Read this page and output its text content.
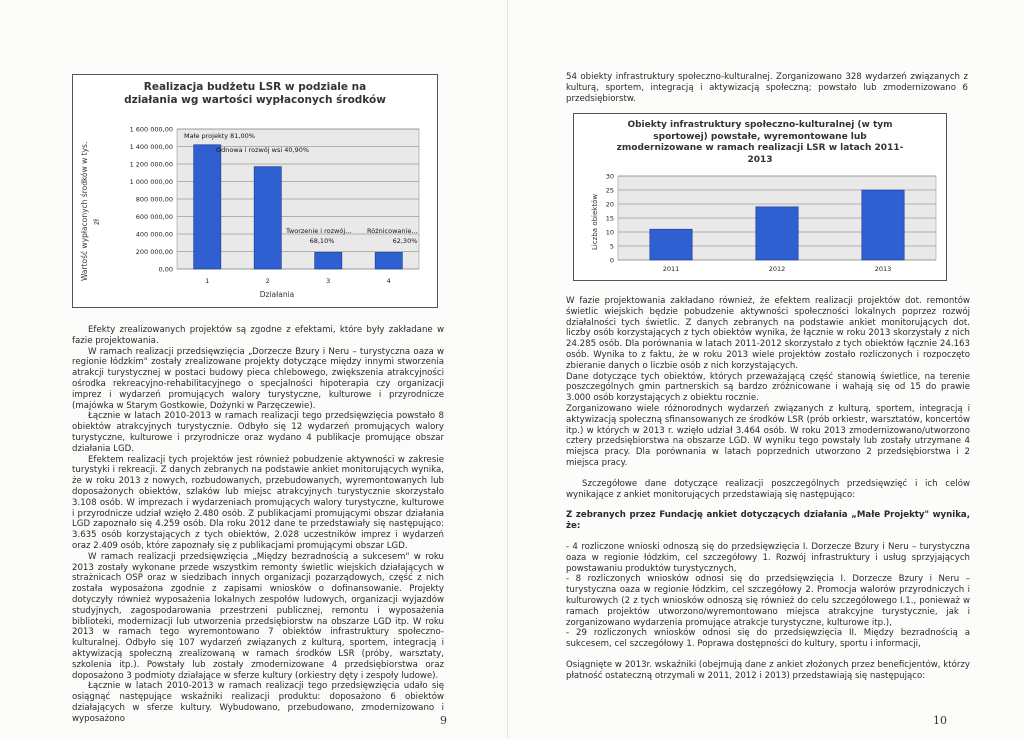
Realizacja budżetu LSR w podziale na działania wg wartości wypłaconych środków
Wartość wypłaconych środków w tys. zł
Działania
1 600 000,00
1 400 000,00
1 200 000,00
1 000 000,00
800 000,00
600 000,00
400 000,00
200 000,00
0,00
1	2	3	4
Małe projekty 81,00%
Odnowa i rozwój wsi 40,90%
Tworzenie i rozwój...
68,10%
Różnicowanie...
62,30%

Efekty zrealizowanych projektów są zgodne z efektami, które były zakładane w fazie projektowania.

W ramach realizacji przedsięwzięcia „Dorzecze Bzury i Neru – turystyczna oaza w regionie łódzkim" zostały zrealizowane projekty dotyczące między innymi stworzenia atrakcji turystycznej w postaci budowy pieca chlebowego, zwiększenia atrakcyjności ośrodka rekreacyjno-rehabilitacyjnego o specjalności hipoterapia czy organizacji imprez i wydarzeń promujących walory turystyczne, kulturowe i przyrodnicze (majówka w Starym Gostkowie, Dożynki w Parzęczewie).

Łącznie w latach 2010-2013 w ramach realizacji tego przedsięwzięcia powstało 8 obiektów atrakcyjnych turystycznie. Odbyło się 12 wydarzeń promujących walory turystyczne, kulturowe i przyrodnicze oraz wydano 4 publikacje promujące obszar działania LGD.

Efektem realizacji tych projektów jest również pobudzenie aktywności w zakresie turystyki i rekreacji. Z danych zebranych na podstawie ankiet monitorujących wynika, że w roku 2013 z nowych, rozbudowanych, przebudowanych, wyremontowanych lub doposażonych obiektów, szlaków lub miejsc atrakcyjnych turystycznie skorzystało 3.108 osób. W imprezach i wydarzeniach promujących walory turystyczne, kulturowe i przyrodnicze udział wzięło 2.480 osób. Z publikacjami promującymi obszar działania LGD zapoznało się 4.259 osób. Dla roku 2012 dane te przedstawiały się następująco: 3.635 osób korzystających z tych obiektów, 2.028 uczestników imprez i wydarzeń oraz 2.409 osób, które zapoznały się z publikacjami promującymi obszar LGD.

W ramach realizacji przedsięwzięcia „Między bezradnością a sukcesem" w roku 2013 zostały wykonane przede wszystkim remonty świetlic wiejskich działających w strażnicach OSP oraz w siedzibach innych organizacji pozarządowych, część z nich została wyposażona zgodnie z zapisami wniosków o dofinansowanie. Projekty dotyczyły również wyposażenia lokalnych zespołów ludowych, organizacji wyjazdów studyjnych, zagospodarowania przestrzeni publicznej, remontu i wyposażenia biblioteki, modernizacji lub utworzenia przedsiębiorstw na obszarze LGD itp. W roku 2013 w ramach tego wyremontowano 7 obiektów infrastruktury społeczno-kulturalnej. Odbyło się 107 wydarzeń związanych z kulturą, sportem, integracją i aktywizacją społeczną zrealizowaną w ramach środków LSR (próby, warsztaty, szkolenia itp.). Powstały lub zostały zmodernizowane 4 przedsiębiorstwa oraz doposażono 3 podmioty działające w sferze kultury (orkiestry dęty i zespoły ludowe).

Łącznie w latach 2010-2013 w ramach realizacji tego przedsięwzięcia udało się osiągnąć następujące wskaźniki realizacji produktu: doposażono 6 obiektów działających w sferze kultury. Wybudowano, przebudowano, zmodernizowano i wyposażono	9
54 obiekty infrastruktury społeczno-kulturalnej. Zorganizowano 328 wydarzeń związanych z kulturą, sportem, integracją i aktywizacją społeczną; powstało lub zmodernizowano 6 przedsiębiorstw.
Obiekty infrastruktury społeczno-kulturalnej (w tym sportowej) powstałe, wyremontowane lub zmodernizowane w ramach realizacji LSR w latach 2011-2013
Liczba obiektów
30
25
20
15
10
5
0
2011	2012	2013

W fazie projektowania zakładano również, że efektem realizacji projektów dot. remontów świetlic wiejskich będzie pobudzenie aktywności społeczności lokalnych poprzez rozwój działalności tych świetlic. Z danych zebranych na podstawie ankiet monitorujących dot. liczby osób korzystających z tych obiektów wynika, że łącznie w roku 2013 skorzystały z nich 24.285 osób. Dla porównania w latach 2011-2012 skorzystało z tych obiektów łącznie 24.163 osób. Wynika to z faktu, że w roku 2013 wiele projektów zostało rozliczonych i rozpoczęto zbieranie danych o liczbie osób z nich korzystających.

Dane dotyczące tych obiektów, których przeważającą część stanowią świetlice, na terenie poszczególnych gmin partnerskich są bardzo zróżnicowane i wahają się od 15 do prawie 3.000 osób korzystających z obiektu rocznie.

Zorganizowano wiele różnorodnych wydarzeń związanych z kulturą, sportem, integracją i aktywizacją społeczną sfinansowanych ze środków LSR (prób orkiestr, warsztatów, koncertów itp.) w których w 2013 r. wzięło udział 3.464 osób. W roku 2013 zmodernizowano/utworzono cztery przedsiębiorstwa na obszarze LGD. W wyniku tego powstały lub zostały utrzymane 4 miejsca pracy. Dla porównania w latach poprzednich utworzono 2 przedsiębiorstwa i 2 miejsca pracy.

Szczegółowe dane dotyczące realizacji poszczególnych przedsięwzięć i ich celów wynikające z ankiet monitorujących przedstawiają się następująco:

Z zebranych przez Fundację ankiet dotyczących działania „Małe Projekty" wynika, że:

- 4 rozliczone wnioski odnoszą się do przedsięwzięcia I. Dorzecze Bzury i Neru – turystyczna oaza w regionie łódzkim, cel szczegółowy 1. Rozwój infrastruktury i usług sprzyjających powstawaniu produktów turystycznych,

- 8 rozliczonych wniosków odnosi się do przedsięwzięcia I. Dorzecze Bzury i Neru – turystyczna oaza w regionie łódzkim, cel szczegółowy 2. Promocja walorów przyrodniczych i kulturowych (2 z tych wniosków odnoszą się również do celu szczegółowego I.1., ponieważ w ramach projektów utworzono/wyremontowano miejsca atrakcyjne turystycznie, jak i zorganizowano wydarzenia promujące atrakcje turystyczne, kulturowe itp.),

- 29 rozliczonych wniosków odnosi się do przedsięwzięcia II. Między bezradnością a sukcesem, cel szczegółowy 1. Poprawa dostępności do kultury, sportu i informacji,

Osiągnięte w 2013r. wskaźniki (obejmują dane z ankiet złożonych przez beneficjentów, którzy płatność ostateczną otrzymali w 2011, 2012 i 2013) przedstawiają się następująco:

10
